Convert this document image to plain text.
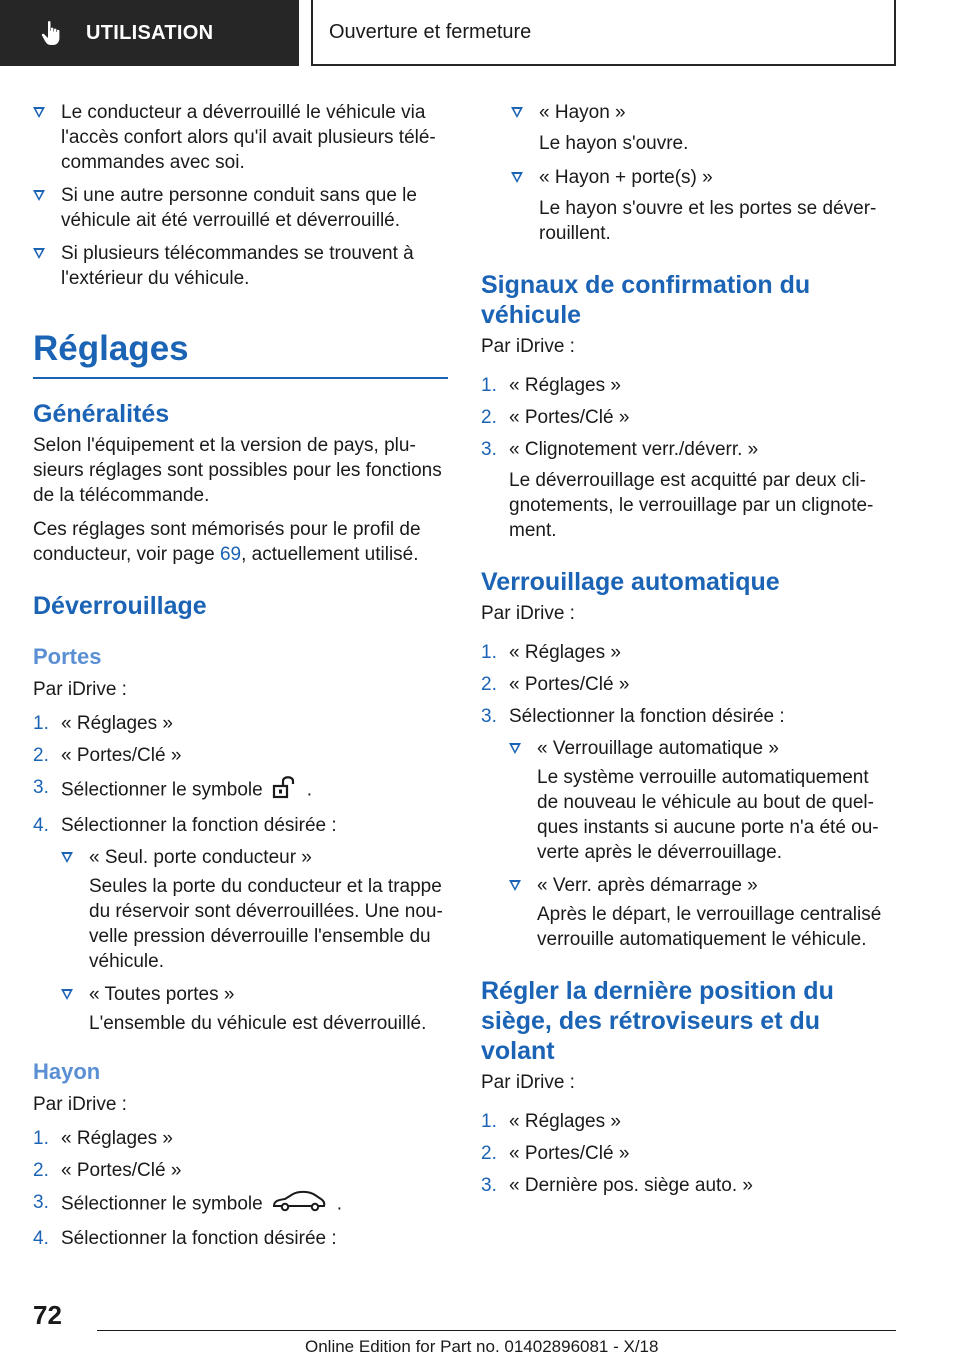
UTILISATION	Ouverture et fermeture
Le conducteur a déverrouillé le véhicule via l'accès confort alors qu'il avait plusieurs télé-commandes avec soi.
Si une autre personne conduit sans que le véhicule ait été verrouillé et déverrouillé.
Si plusieurs télécommandes se trouvent à l'extérieur du véhicule.
Réglages
Généralités

Selon l'équipement et la version de pays, plu-sieurs réglages sont possibles pour les fonctions de la télécommande.

Ces réglages sont mémorisés pour le profil de conducteur, voir page 69, actuellement utilisé.

Déverrouillage
Portes

Par iDrive :

1. « Réglages »
2. « Portes/Clé »
3. Sélectionner le symbole .
4. Sélectionner la fonction désirée :
« Seul. porte conducteur »

Seules la porte du conducteur et la trappe du réservoir sont déverrouillées. Une nou-velle pression déverrouille l'ensemble du véhicule.

« Toutes portes »

L'ensemble du véhicule est déverrouillé.

Hayon

Par iDrive :

1. « Réglages »
2. « Portes/Clé »
3. Sélectionner le symbole	.
4. Sélectionner la fonction désirée :
« Hayon »

Le hayon s'ouvre.

« Hayon + porte(s) »

Le hayon s'ouvre et les portes se déver-rouillent.

Signaux de confirmation du véhicule

Par iDrive :

1. « Réglages »
2. « Portes/Clé »
3. « Clignotement verr./déverr. »

Le déverrouillage est acquitté par deux cli-gnotements, le verrouillage par un clignote-ment.

Verrouillage automatique

Par iDrive :

1. « Réglages »
2. « Portes/Clé »
3. Sélectionner la fonction désirée :
« Verrouillage automatique »

Le système verrouille automatiquement de nouveau le véhicule au bout de quel-ques instants si aucune porte n'a été ou-verte après le déverrouillage.

« Verr. après démarrage »

Après le départ, le verrouillage centralisé verrouille automatiquement le véhicule.

Régler la dernière position du siège, des rétroviseurs et du volant

Par iDrive :

1. « Réglages »
2. « Portes/Clé »
3. « Dernière pos. siège auto. »
72
Online Edition for Part no. 01402896081 - X/18
